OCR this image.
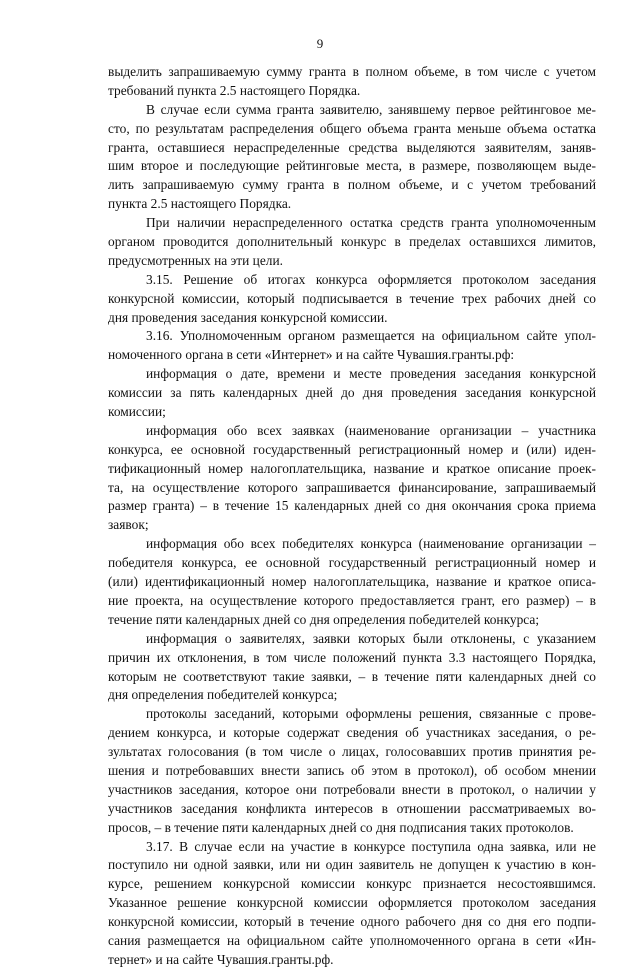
9
выделить запрашиваемую сумму гранта в полном объеме, в том числе с учетом
требований пункта 2.5 настоящего Порядка.
В случае если сумма гранта заявителю, занявшему первое рейтинговое ме-
сто, по результатам распределения общего объема гранта меньше объема остатка
гранта, оставшиеся нераспределенные средства выделяются заявителям, заняв-
шим второе и последующие рейтинговые места, в размере, позволяющем выде-
лить запрашиваемую сумму гранта в полном объеме, и с учетом требований
пункта 2.5 настоящего Порядка.
При наличии нераспределенного остатка средств гранта уполномоченным
органом проводится дополнительный конкурс в пределах оставшихся лимитов,
предусмотренных на эти цели.
3.15. Решение об итогах конкурса оформляется протоколом заседания
конкурсной комиссии, который подписывается в течение трех рабочих дней со
дня проведения заседания конкурсной комиссии.
3.16. Уполномоченным органом размещается на официальном сайте упол-
номоченного органа в сети «Интернет» и на сайте Чувашия.гранты.рф:
информация о дате, времени и месте проведения заседания конкурсной
комиссии за пять календарных дней до дня проведения заседания конкурсной
комиссии;
информация обо всех заявках (наименование организации – участника
конкурса, ее основной государственный регистрационный номер и (или) иден-
тификационный номер налогоплательщика, название и краткое описание проек-
та, на осуществление которого запрашивается финансирование, запрашиваемый
размер гранта) – в течение 15 календарных дней со дня окончания срока приема
заявок;
информация обо всех победителях конкурса (наименование организации –
победителя конкурса, ее основной государственный регистрационный номер и
(или) идентификационный номер налогоплательщика, название и краткое описа-
ние проекта, на осуществление которого предоставляется грант, его размер) – в
течение пяти календарных дней со дня определения победителей конкурса;
информация о заявителях, заявки которых были отклонены, с указанием
причин их отклонения, в том числе положений пункта 3.3 настоящего Порядка,
которым не соответствуют такие заявки, – в течение пяти календарных дней со
дня определения победителей конкурса;
протоколы заседаний, которыми оформлены решения, связанные с прове-
дением конкурса, и которые содержат сведения об участниках заседания, о ре-
зультатах голосования (в том числе о лицах, голосовавших против принятия ре-
шения и потребовавших внести запись об этом в протокол), об особом мнении
участников заседания, которое они потребовали внести в протокол, о наличии у
участников заседания конфликта интересов в отношении рассматриваемых во-
просов, – в течение пяти календарных дней со дня подписания таких протоколов.
3.17. В случае если на участие в конкурсе поступила одна заявка, или не
поступило ни одной заявки, или ни один заявитель не допущен к участию в кон-
курсе, решением конкурсной комиссии конкурс признается несостоявшимся.
Указанное решение конкурсной комиссии оформляется протоколом заседания
конкурсной комиссии, который в течение одного рабочего дня со дня его подпи-
сания размещается на официальном сайте уполномоченного органа в сети «Ин-
тернет» и на сайте Чувашия.гранты.рф.
